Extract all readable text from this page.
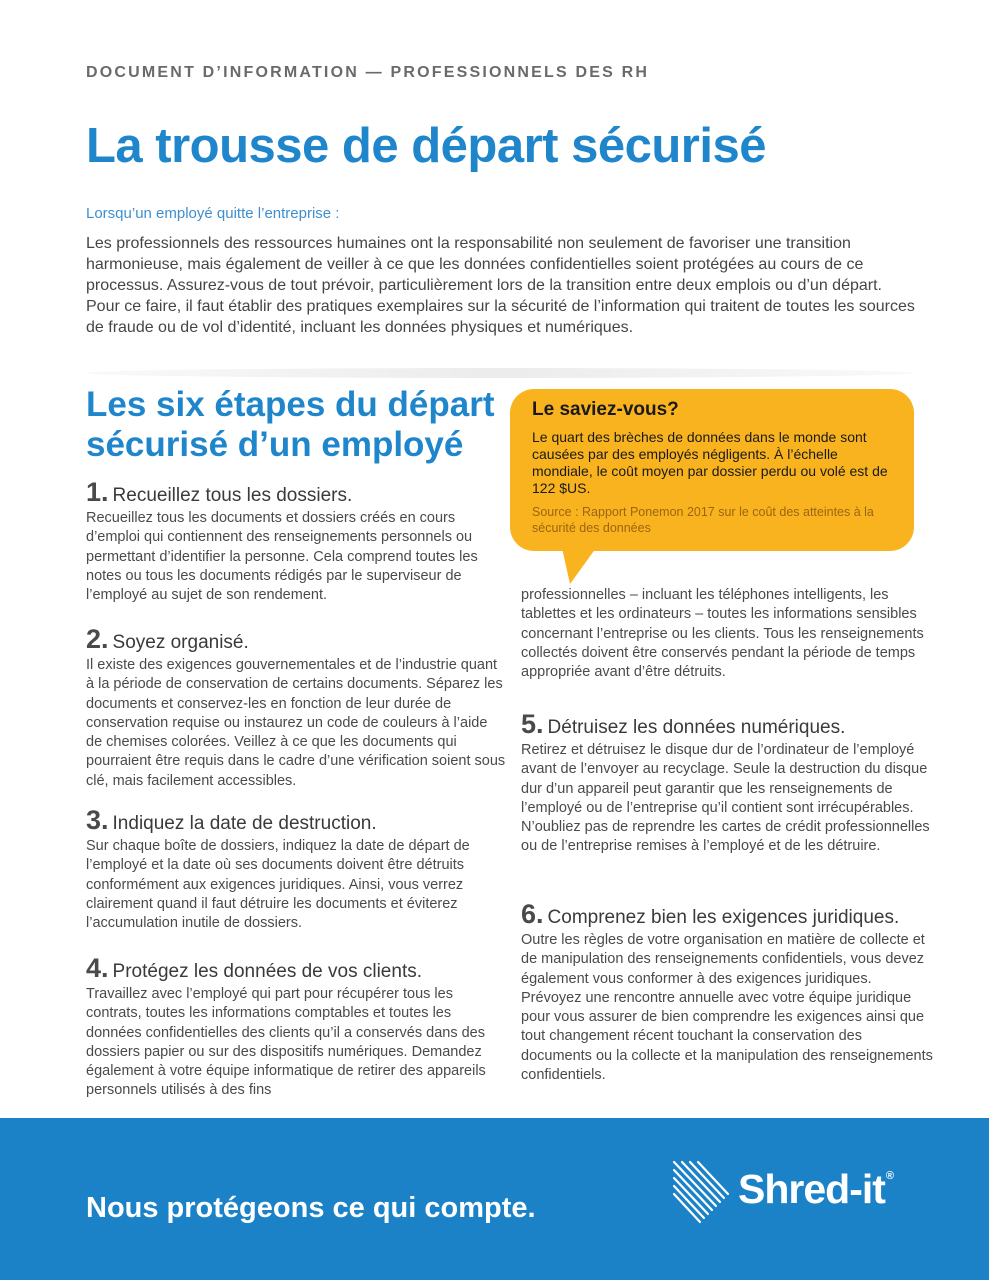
DOCUMENT D’INFORMATION — PROFESSIONNELS DES RH
La trousse de départ sécurisé
Lorsqu’un employé quitte l’entreprise :

Les professionnels des ressources humaines ont la responsabilité non seulement de favoriser une transition harmonieuse, mais également de veiller à ce que les données confidentielles soient protégées au cours de ce processus. Assurez-vous de tout prévoir, particulièrement lors de la transition entre deux emplois ou d’un départ. Pour ce faire, il faut établir des pratiques exemplaires sur la sécurité de l’information qui traitent de toutes les sources de fraude ou de vol d’identité, incluant les données physiques et numériques.

Les six étapes du départ sécurisé d’un employé
Le saviez-vous?
Le quart des brèches de données dans le monde sont causées par des employés négligents. À l’échelle mondiale, le coût moyen par dossier perdu ou volé est de 122 $US.
Source : Rapport Ponemon 2017 sur le coût des atteintes à la sécurité des données
1. Recueillez tous les dossiers.
Recueillez tous les documents et dossiers créés en cours d’emploi qui contiennent des renseignements personnels ou permettant d’identifier la personne. Cela comprend toutes les notes ou tous les documents rédigés par le superviseur de l’employé au sujet de son rendement.
2. Soyez organisé.
Il existe des exigences gouvernementales et de l’industrie quant à la période de conservation de certains documents. Séparez les documents et conservez-les en fonction de leur durée de conservation requise ou instaurez un code de couleurs à l’aide de chemises colorées. Veillez à ce que les documents qui pourraient être requis dans le cadre d’une vérification soient sous clé, mais facilement accessibles.
3. Indiquez la date de destruction.
Sur chaque boîte de dossiers, indiquez la date de départ de l’employé et la date où ses documents doivent être détruits conformément aux exigences juridiques. Ainsi, vous verrez clairement quand il faut détruire les documents et éviterez l’accumulation inutile de dossiers.
4. Protégez les données de vos clients.
Travaillez avec l’employé qui part pour récupérer tous les contrats, toutes les informations comptables et toutes les données confidentielles des clients qu’il a conservés dans des dossiers papier ou sur des dispositifs numériques. Demandez également à votre équipe informatique de retirer des appareils personnels utilisés à des fins
professionnelles – incluant les téléphones intelligents, les tablettes et les ordinateurs – toutes les informations sensibles concernant l’entreprise ou les clients. Tous les renseignements collectés doivent être conservés pendant la période de temps appropriée avant d’être détruits.
5. Détruisez les données numériques.
Retirez et détruisez le disque dur de l’ordinateur de l’employé avant de l’envoyer au recyclage. Seule la destruction du disque dur d’un appareil peut garantir que les renseignements de l’employé ou de l’entreprise qu’il contient sont irrécupérables. N’oubliez pas de reprendre les cartes de crédit professionnelles ou de l’entreprise remises à l’employé et de les détruire.
6. Comprenez bien les exigences juridiques.
Outre les règles de votre organisation en matière de collecte et de manipulation des renseignements confidentiels, vous devez également vous conformer à des exigences juridiques. Prévoyez une rencontre annuelle avec votre équipe juridique pour vous assurer de bien comprendre les exigences ainsi que tout changement récent touchant la conservation des documents ou la collecte et la manipulation des renseignements confidentiels.
Nous protégeons ce qui compte.	Shred-it®
